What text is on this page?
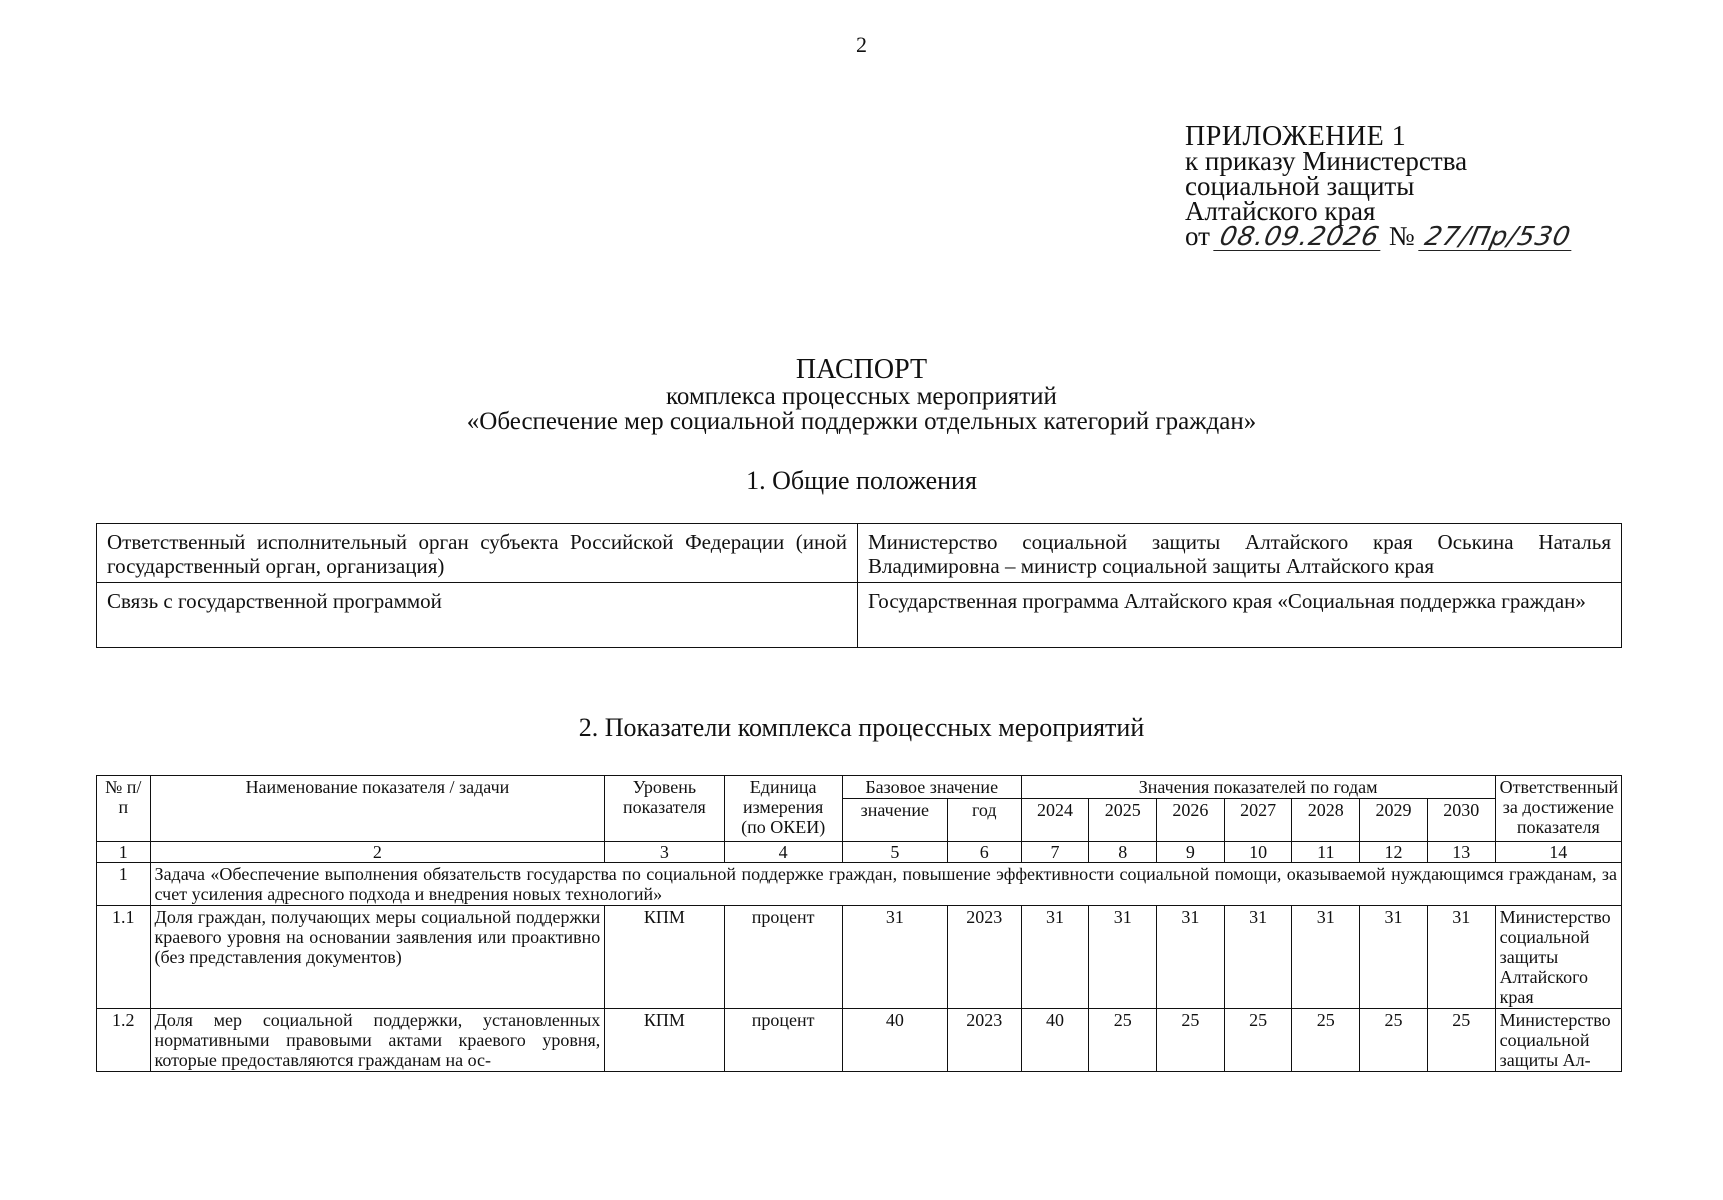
2
ПРИЛОЖЕНИЕ 1
к приказу Министерства
социальной защиты
Алтайского края
от 08.09.2026 № 27/Пр/530
ПАСПОРТ
комплекса процессных мероприятий
«Обеспечение мер социальной поддержки отдельных категорий граждан»
1. Общие положения
Ответственный исполнительный орган субъекта Российской Федерации (иной государственный орган, организация)	Министерство социальной защиты Алтайского края Оськина Наталья Владимировна – министр социальной защиты Алтайского края
Связь с государственной программой	Государственная программа Алтайского края «Социальная поддержка граждан»
2. Показатели комплекса процессных мероприятий
№ п/п	Наименование показателя / задачи	Уровень показателя	Единица измерения (по ОКЕИ)	Базовое значение		Значения показателей по годам							Ответственный за достижение показателя
				значение	год	2024	2025	2026	2027	2028	2029	2030	
1	2	3	4	5	6	7	8	9	10	11	12	13	14
1	Задача «Обеспечение выполнения обязательств государства по социальной поддержке граждан, повышение эффективности социальной помощи, оказываемой нуждающимся гражданам, за счет усиления адресного подхода и внедрения новых технологий»												
1.1	Доля граждан, получающих меры социальной поддержки краевого уровня на основании заявления или проактивно (без представления документов)	КПМ	процент	31	2023	31	31	31	31	31	31	31	Министерство социальной защиты Алтайского края
1.2	Доля мер социальной поддержки, установленных нормативными правовыми актами краевого уровня, которые предоставляются гражданам на ос-	КПМ	процент	40	2023	40	25	25	25	25	25	25	Министерство социальной защиты Ал-
